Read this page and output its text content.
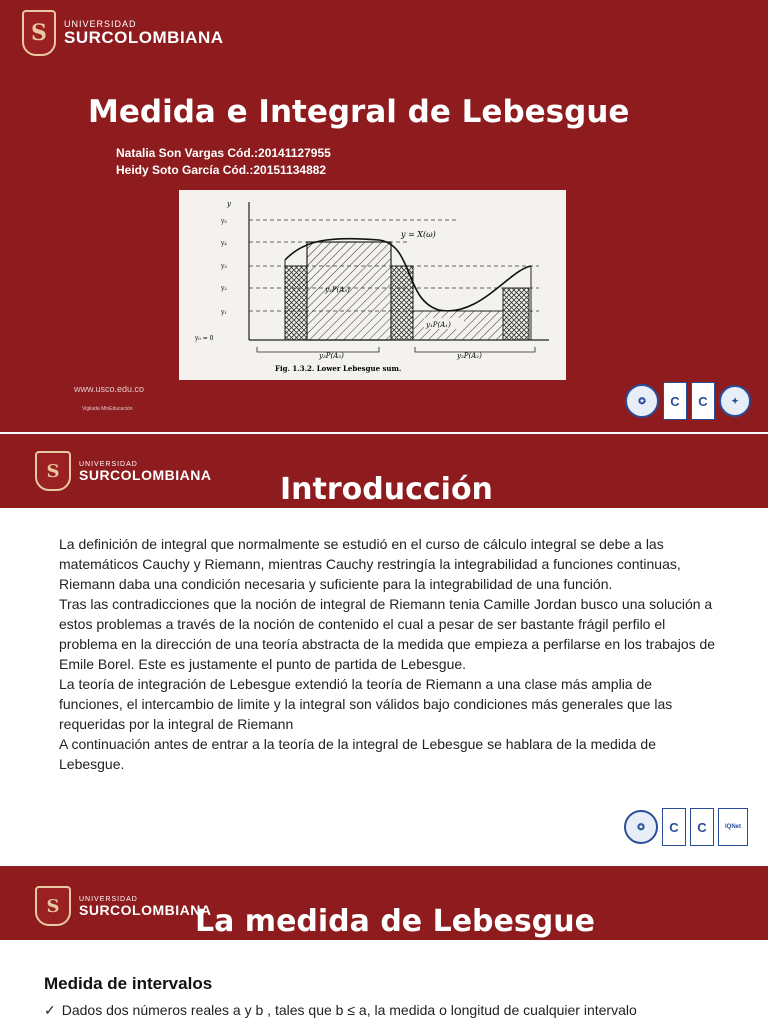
S UNIVERSIDAD
SURCOLOMBIANA
Medida e Integral de Lebesgue
Natalia Son Vargas Cód.:20141127955
Heidy Soto García Cód.:20151134882
y
y₅
y₄
y₃
y₂
y₁
y₀ = 0
y = X(ω)
y₃P(A₃)
y₁P(A₁)
y₃P(A₃)	y₂P(A₂)
Fig. 1.3.2. Lower Lebesgue sum.
www.usco.edu.co
Vigilada MinEducación
✪	C C	✦
S	UNIVERSIDAD
SURCOLOMBIANA Introducción

La definición de integral que normalmente se estudió en el curso de cálculo integral se debe a las matemáticos Cauchy y Riemann, mientras Cauchy restringía la integrabilidad a funciones continuas, Riemann daba una condición necesaria y suficiente para la integrabilidad de una función.

Tras las contradicciones que la noción de integral de Riemann tenia Camille Jordan busco una solución a estos problemas a través de la noción de contenido el cual a pesar de ser bastante frágil perfilo el problema en la dirección de una teoría abstracta de la medida que empieza a perfilarse en los trabajos de Emile Borel. Este es justamente el punto de partida de Lebesgue.

La teoría de integración de Lebesgue extendió la teoría de Riemann a una clase más amplia de funciones, el intercambio de limite y la integral son válidos bajo condiciones más generales que las requeridas por la integral de Riemann

A continuación antes de entrar a la teoría de la integral de Lebesgue se hablara de la medida de Lebesgue.

✪	C C	IQNet
S	UNIVERSIDAD
SURCOLOMBIANA
La medida de Lebesgue
Medida de intervalos
✓ Dados dos números reales a y b , tales que b ≤ a, la medida o longitud de cualquier intervalo
